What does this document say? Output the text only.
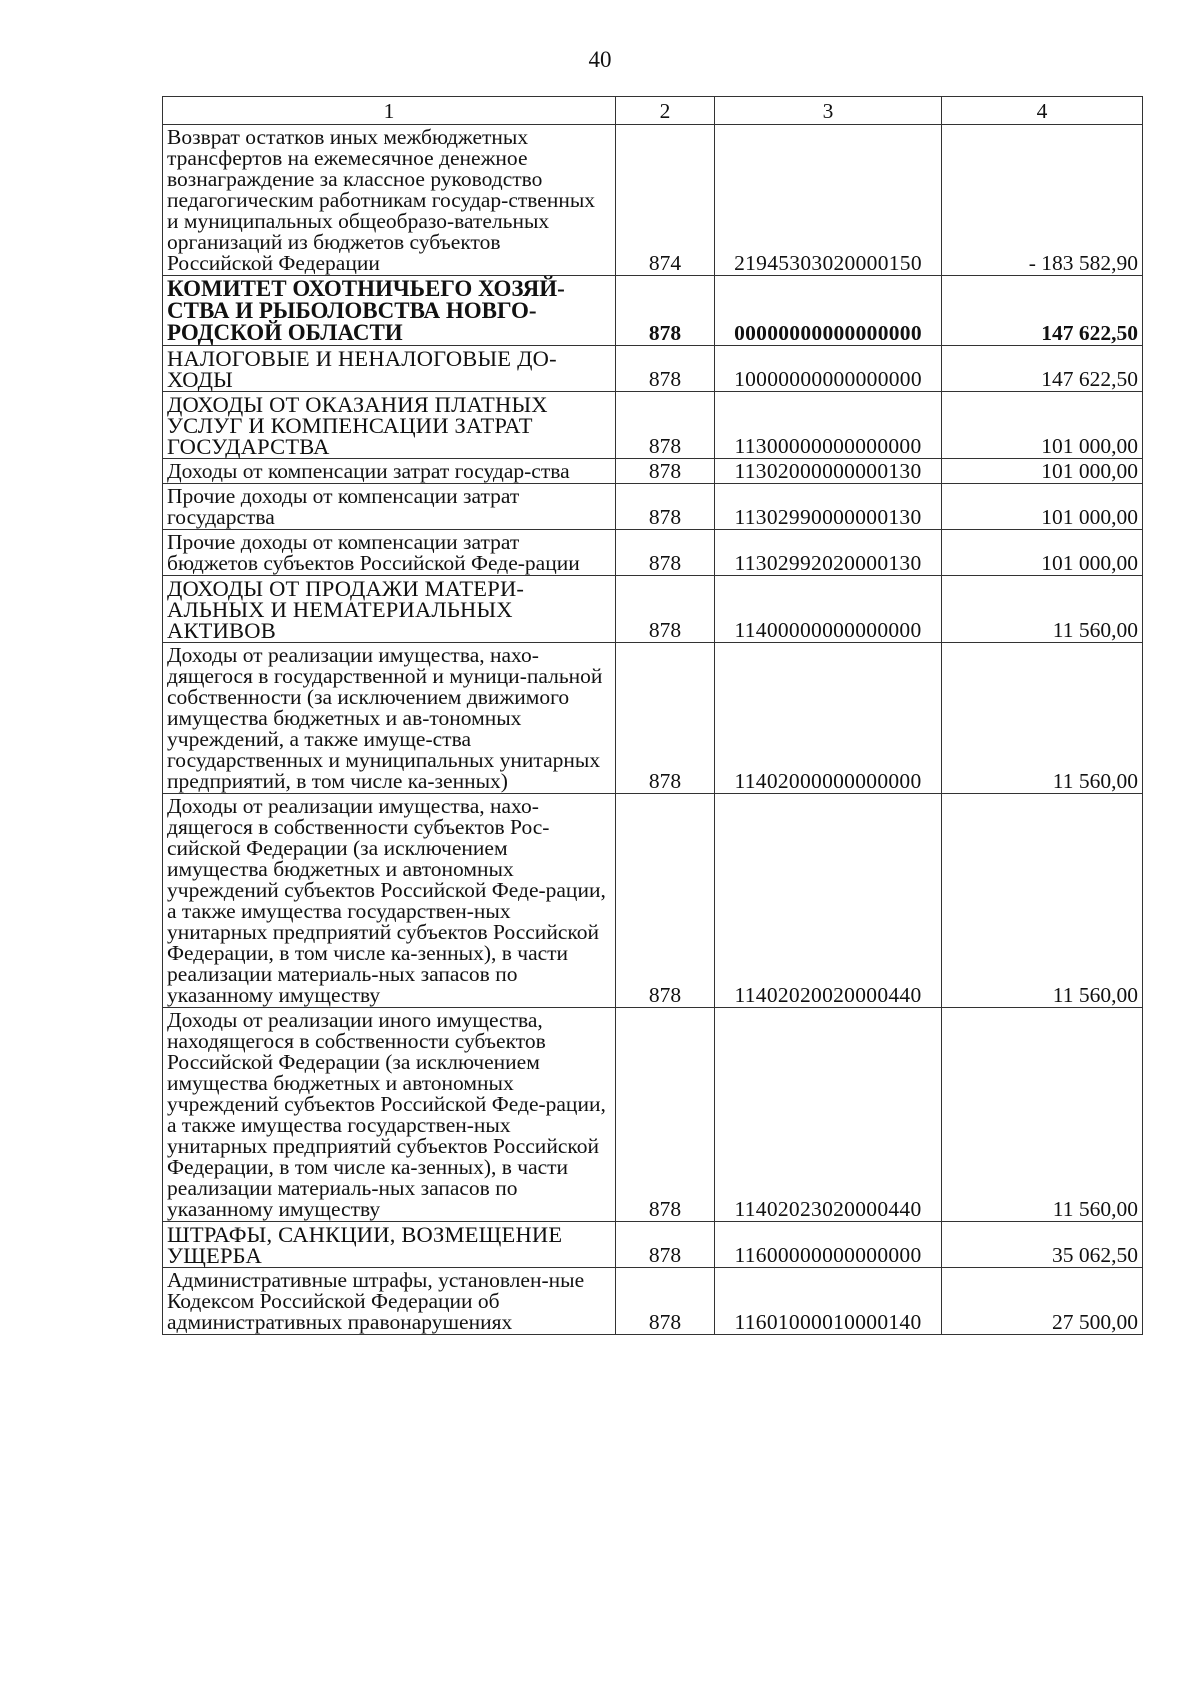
40
1	2	3	4
Возврат остатков иных межбюджетных трансфертов на ежемесячное денежное вознаграждение за классное руководство педагогическим работникам государ-ственных и муниципальных общеобразо-вательных организаций из бюджетов субъектов Российской Федерации	874	21945303020000150	- 183 582,90
КОМИТЕТ ОХОТНИЧЬЕГО ХОЗЯЙ-СТВА И РЫБОЛОВСТВА НОВГО-РОДСКОЙ ОБЛАСТИ	878	00000000000000000	147 622,50
НАЛОГОВЫЕ И НЕНАЛОГОВЫЕ ДО-ХОДЫ	878	10000000000000000	147 622,50
ДОХОДЫ ОТ ОКАЗАНИЯ ПЛАТНЫХ УСЛУГ И КОМПЕНСАЦИИ ЗАТРАТ ГОСУДАРСТВА	878	11300000000000000	101 000,00
Доходы от компенсации затрат государ-ства	878	11302000000000130	101 000,00
Прочие доходы от компенсации затрат государства	878	11302990000000130	101 000,00
Прочие доходы от компенсации затрат бюджетов субъектов Российской Феде-рации	878	11302992020000130	101 000,00
ДОХОДЫ ОТ ПРОДАЖИ МАТЕРИ-АЛЬНЫХ И НЕМАТЕРИАЛЬНЫХ АКТИВОВ	878	11400000000000000	11 560,00
Доходы от реализации имущества, нахо-дящегося в государственной и муници-пальной собственности (за исключением движимого имущества бюджетных и ав-тономных учреждений, а также имуще-ства государственных и муниципальных унитарных предприятий, в том числе ка-зенных)	878	11402000000000000	11 560,00
Доходы от реализации имущества, нахо-дящегося в собственности субъектов Рос-сийской Федерации (за исключением имущества бюджетных и автономных учреждений субъектов Российской Феде-рации, а также имущества государствен-ных унитарных предприятий субъектов Российской Федерации, в том числе ка-зенных), в части реализации материаль-ных запасов по указанному имуществу	878	11402020020000440	11 560,00
Доходы от реализации иного имущества, находящегося в собственности субъектов Российской Федерации (за исключением имущества бюджетных и автономных учреждений субъектов Российской Феде-рации, а также имущества государствен-ных унитарных предприятий субъектов Российской Федерации, в том числе ка-зенных), в части реализации материаль-ных запасов по указанному имуществу	878	11402023020000440	11 560,00
ШТРАФЫ, САНКЦИИ, ВОЗМЕЩЕНИЕ УЩЕРБА	878	11600000000000000	35 062,50
Административные штрафы, установлен-ные Кодексом Российской Федерации об административных правонарушениях	878	11601000010000140	27 500,00
